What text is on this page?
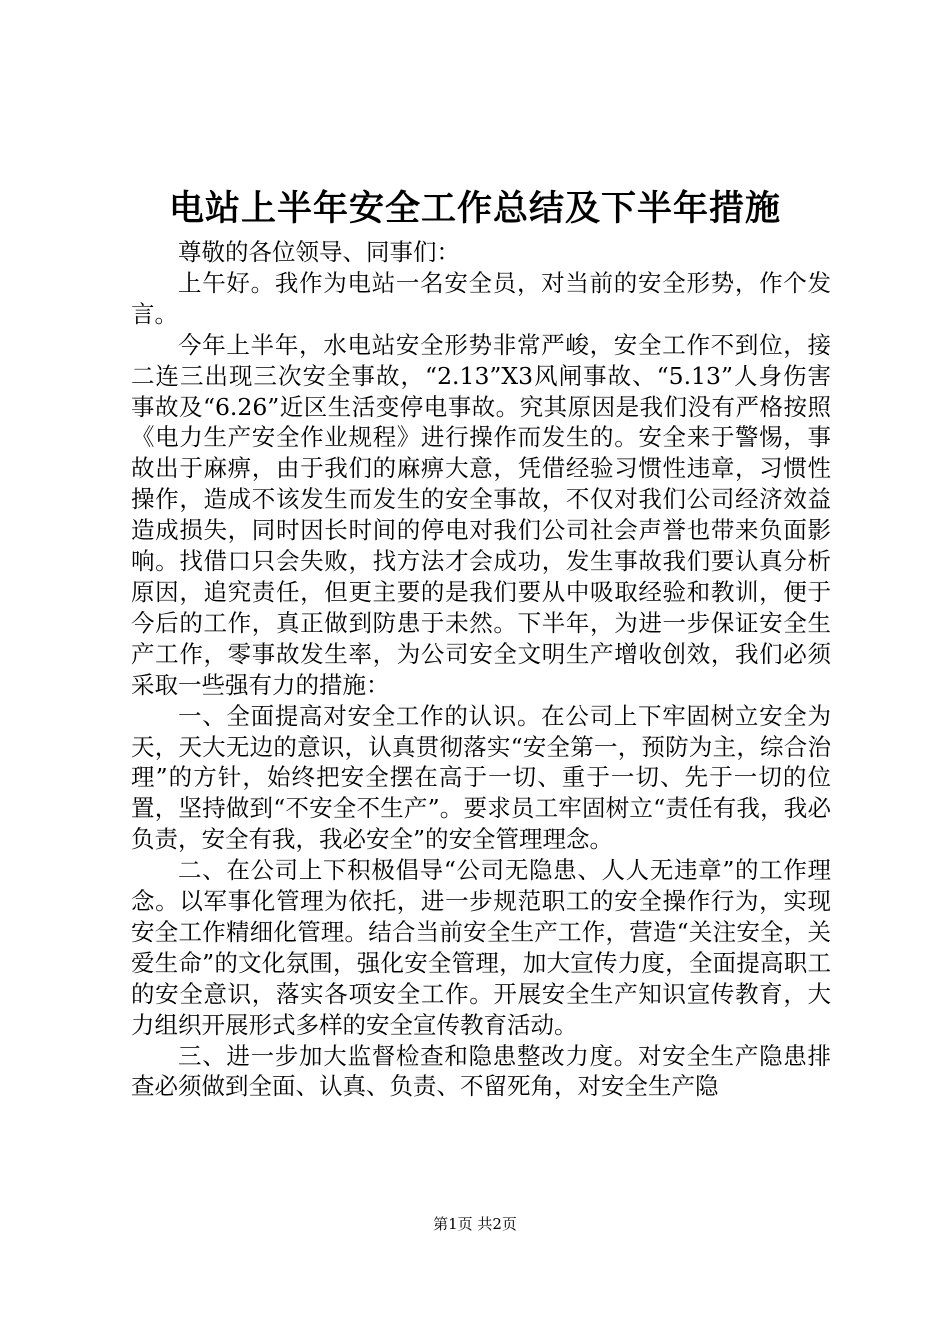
电站上半年安全工作总结及下半年措施

尊敬的各位领导、同事们：

上午好。我作为电站一名安全员，对当前的安全形势，作个发言。

今年上半年，水电站安全形势非常严峻，安全工作不到位，接二连三出现三次安全事故，“2.13”X3风闸事故、“5.13”人身伤害事故及“6.26”近区生活变停电事故。究其原因是我们没有严格按照《电力生产安全作业规程》进行操作而发生的。安全来于警惕，事故出于麻痹，由于我们的麻痹大意，凭借经验习惯性违章，习惯性操作，造成不该发生而发生的安全事故，不仅对我们公司经济效益造成损失，同时因长时间的停电对我们公司社会声誉也带来负面影响。找借口只会失败，找方法才会成功，发生事故我们要认真分析原因，追究责任，但更主要的是我们要从中吸取经验和教训，便于今后的工作，真正做到防患于未然。下半年，为进一步保证安全生产工作，零事故发生率，为公司安全文明生产增收创效，我们必须采取一些强有力的措施：

一、全面提高对安全工作的认识。在公司上下牢固树立安全为天，天大无边的意识，认真贯彻落实“安全第一，预防为主，综合治理”的方针，始终把安全摆在高于一切、重于一切、先于一切的位置，坚持做到“不安全不生产”。要求员工牢固树立“责任有我，我必负责，安全有我，我必安全”的安全管理理念。

二、在公司上下积极倡导“公司无隐患、人人无违章”的工作理念。以军事化管理为依托，进一步规范职工的安全操作行为，实现安全工作精细化管理。结合当前安全生产工作，营造“关注安全，关爱生命”的文化氛围，强化安全管理，加大宣传力度，全面提高职工的安全意识，落实各项安全工作。开展安全生产知识宣传教育，大力组织开展形式多样的安全宣传教育活动。

三、进一步加大监督检查和隐患整改力度。对安全生产隐患排查必须做到全面、认真、负责、不留死角，对安全生产隐

第1页 共2页
